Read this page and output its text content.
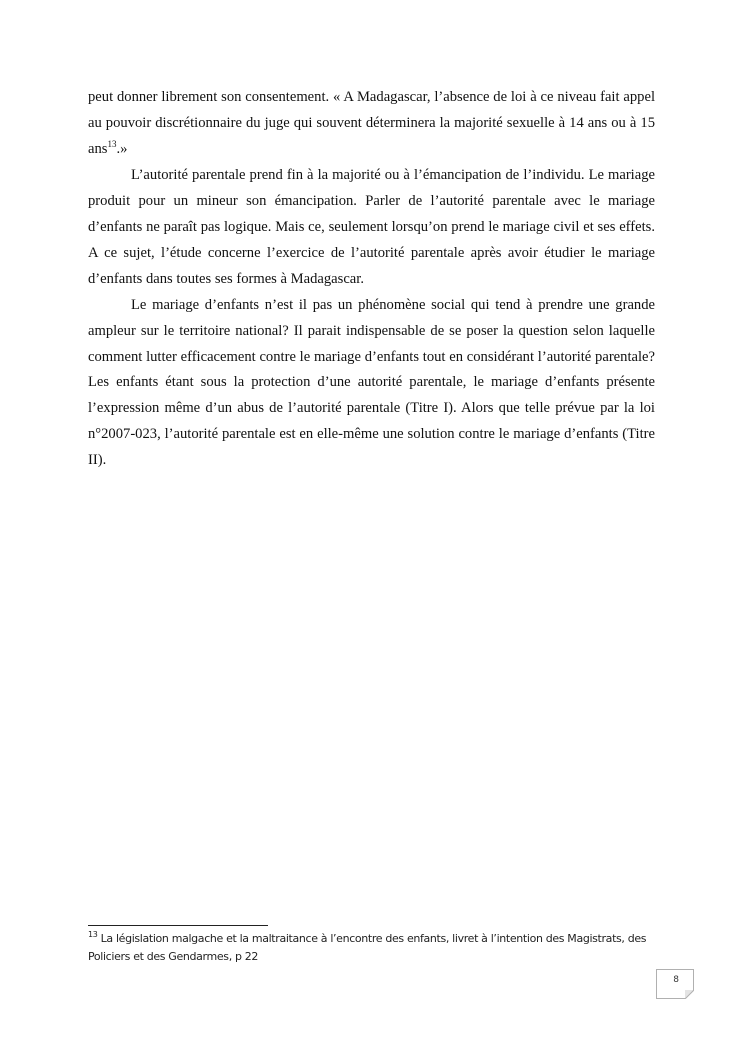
peut donner librement son consentement. « A Madagascar, l’absence de loi à ce niveau fait appel au pouvoir discrétionnaire du juge qui souvent déterminera la majorité sexuelle à 14 ans ou à 15 ans$^{13}$.»

L’autorité parentale prend fin à la majorité ou à l’émancipation de l’individu. Le mariage produit pour un mineur son émancipation. Parler de l’autorité parentale avec le mariage d’enfants ne paraît pas logique. Mais ce, seulement lorsqu’on prend le mariage civil et ses effets. A ce sujet, l’étude concerne l’exercice de l’autorité parentale après avoir étudier le mariage d’enfants dans toutes ses formes à Madagascar.

Le mariage d’enfants n’est il pas un phénomène social qui tend à prendre une grande ampleur sur le territoire national? Il parait indispensable de se poser la question selon laquelle comment lutter efficacement contre le mariage d’enfants tout en considérant l’autorité parentale? Les enfants étant sous la protection d’une autorité parentale, le mariage d’enfants présente l’expression même d’un abus de l’autorité parentale (Titre I). Alors que telle prévue par la loi n°2007-023, l’autorité parentale est en elle-même une solution contre le mariage d’enfants (Titre II).

$^{13}$ La législation malgache et la maltraitance à l’encontre des enfants, livret à l’intention des Magistrats, des Policiers et des Gendarmes, p 22
8
